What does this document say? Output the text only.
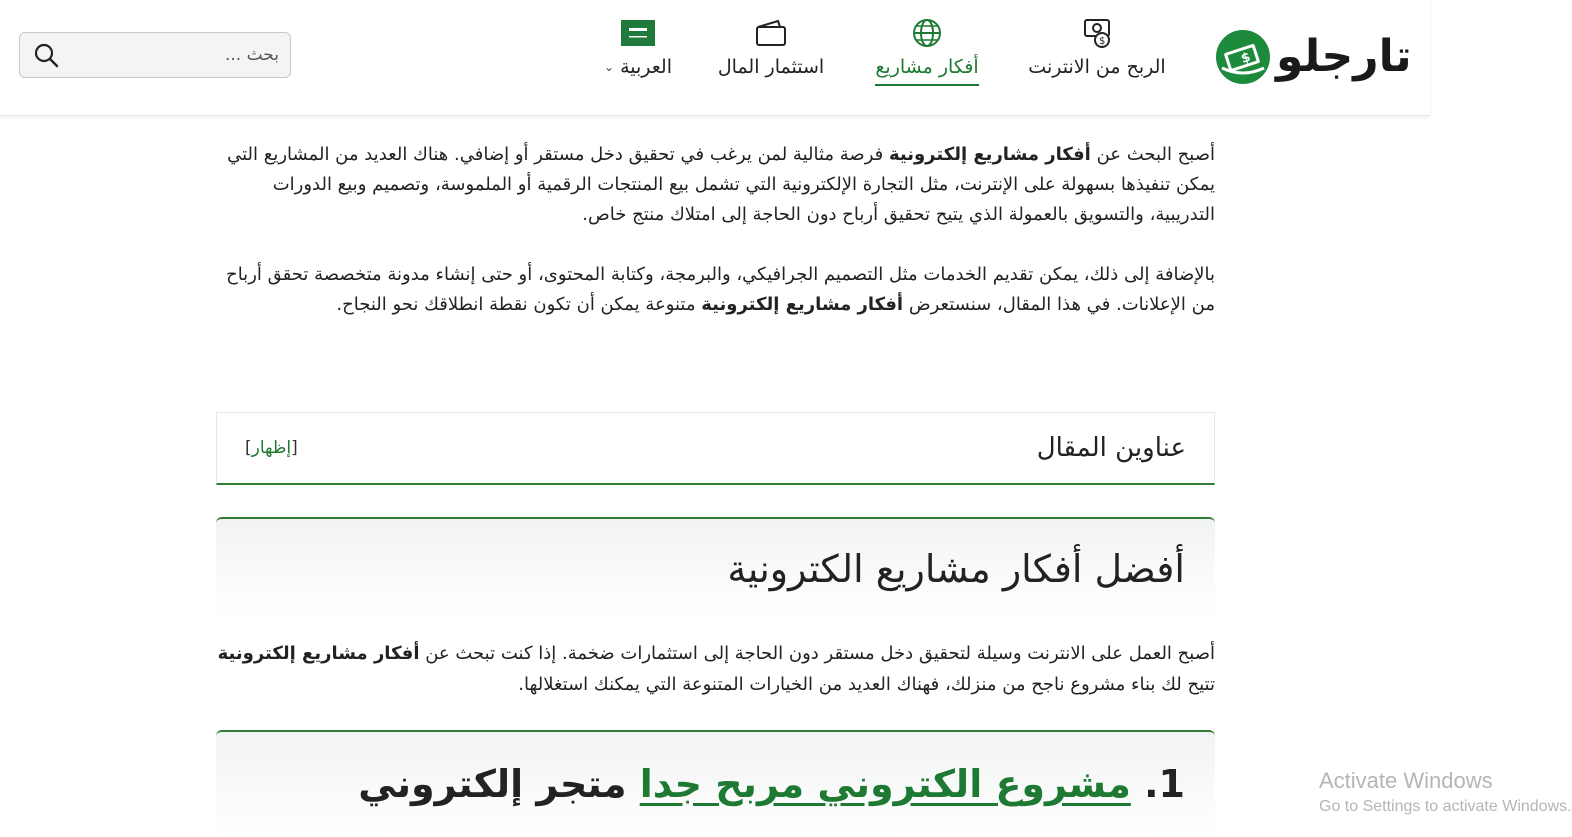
$ تارجلو
$
الربح من الانترنت
أفكار مشاريع
استثمار المال
العربية
⌄
بحث ...

أصبح البحث عن أفكار مشاريع إلكترونية فرصة مثالية لمن يرغب في تحقيق دخل مستقر أو إضافي. هناك العديد من المشاريع التي يمكن تنفيذها بسهولة على الإنترنت، مثل التجارة الإلكترونية التي تشمل بيع المنتجات الرقمية أو الملموسة، وتصميم وبيع الدورات التدريبية، والتسويق بالعمولة الذي يتيح تحقيق أرباح دون الحاجة إلى امتلاك منتج خاص.

بالإضافة إلى ذلك، يمكن تقديم الخدمات مثل التصميم الجرافيكي، والبرمجة، وكتابة المحتوى، أو حتى إنشاء مدونة متخصصة تحقق أرباح من الإعلانات. في هذا المقال، سنستعرض أفكار مشاريع إلكترونية متنوعة يمكن أن تكون نقطة انطلاقك نحو النجاح.

عناوين المقال
[إظهار]
أفضل أفكار مشاريع الكترونية

أصبح العمل على الانترنت وسيلة لتحقيق دخل مستقر دون الحاجة إلى استثمارات ضخمة. إذا كنت تبحث عن أفكار مشاريع إلكترونية تتيح لك بناء مشروع ناجح من منزلك، فهناك العديد من الخيارات المتنوعة التي يمكنك استغلالها.

1. مشروع الكتروني مربح جدا متجر إلكتروني	Activate Windows
Go to Settings to activate Windows.
